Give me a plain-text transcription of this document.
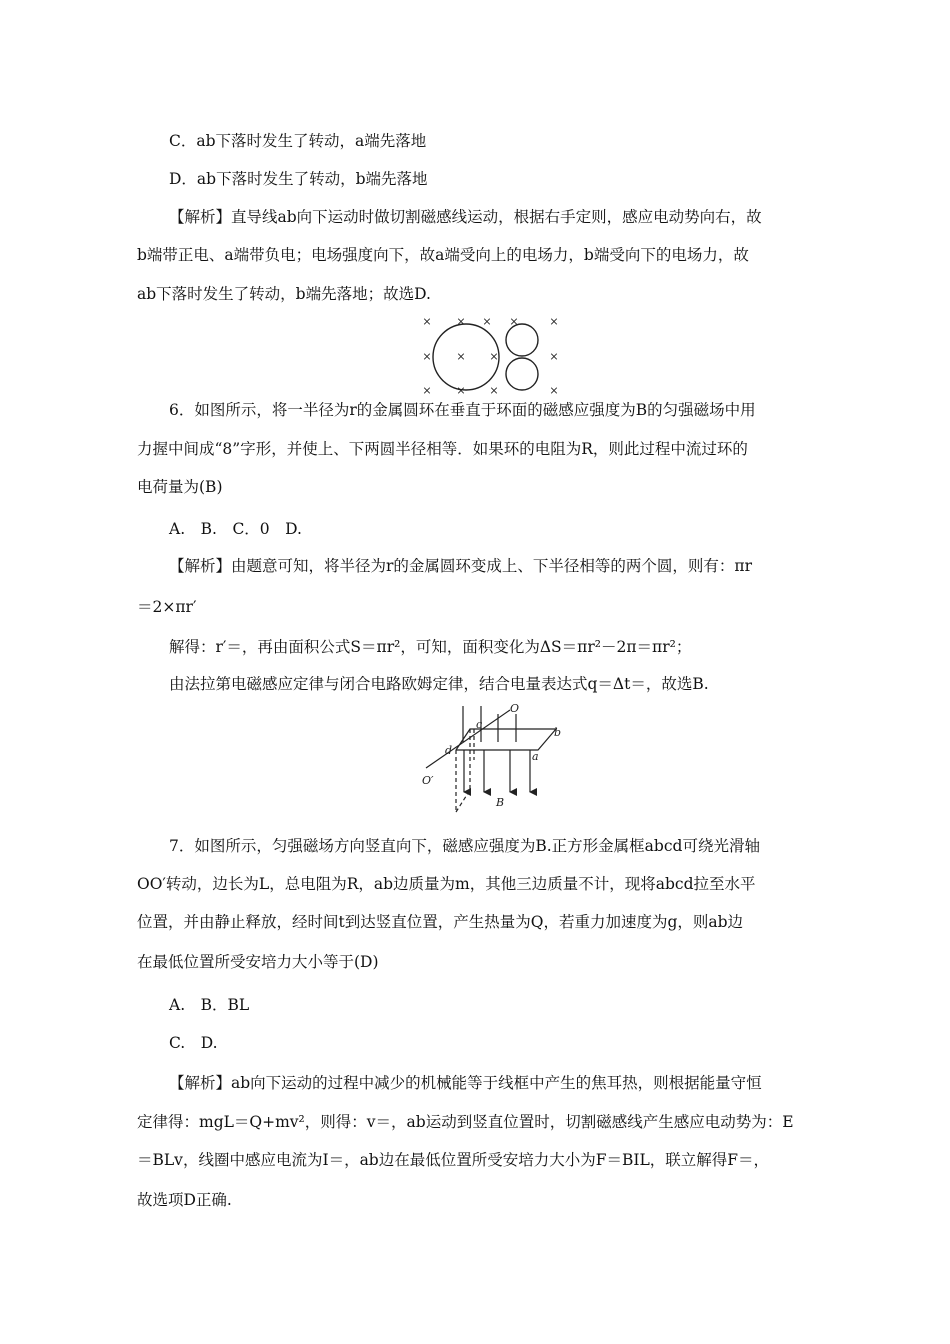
C．ab下落时发生了转动，a端先落地
D．ab下落时发生了转动，b端先落地
【解析】直导线ab向下运动时做切割磁感线运动，根据右手定则，感应电动势向右，故
b端带正电、a端带负电；电场强度向下，故a端受向上的电场力，b端受向下的电场力，故
ab下落时发生了转动，b端先落地；故选D.
× × × ×	×
× × ×	×
× × ×	×
6．如图所示，将一半径为r的金属圆环在垂直于环面的磁感应强度为B的匀强磁场中用
力握中间成“8”字形，并使上、下两圆半径相等．如果环的电阻为R，则此过程中流过环的
电荷量为(B)
A.　B.　C．0　D.
【解析】由题意可知，将半径为r的金属圆环变成上、下半径相等的两个圆，则有：πr
＝2×πr′
解得：r′＝，再由面积公式S＝πr²，可知，面积变化为ΔS＝πr²－2π＝πr²；
由法拉第电磁感应定律与闭合电路欧姆定律，结合电量表达式q＝Δt＝，故选B.
O
O′
c
b
d	a
B
7．如图所示，匀强磁场方向竖直向下，磁感应强度为B.正方形金属框abcd可绕光滑轴
OO′转动，边长为L，总电阻为R，ab边质量为m，其他三边质量不计，现将abcd拉至水平
位置，并由静止释放，经时间t到达竖直位置，产生热量为Q，若重力加速度为g，则ab边
在最低位置所受安培力大小等于(D)
A.　B．BL
C.　D.
【解析】ab向下运动的过程中减少的机械能等于线框中产生的焦耳热，则根据能量守恒
定律得：mgL＝Q+mv²，则得：v＝，ab运动到竖直位置时，切割磁感线产生感应电动势为：E
＝BLv，线圈中感应电流为I＝，ab边在最低位置所受安培力大小为F＝BIL，联立解得F＝，
故选项D正确.
